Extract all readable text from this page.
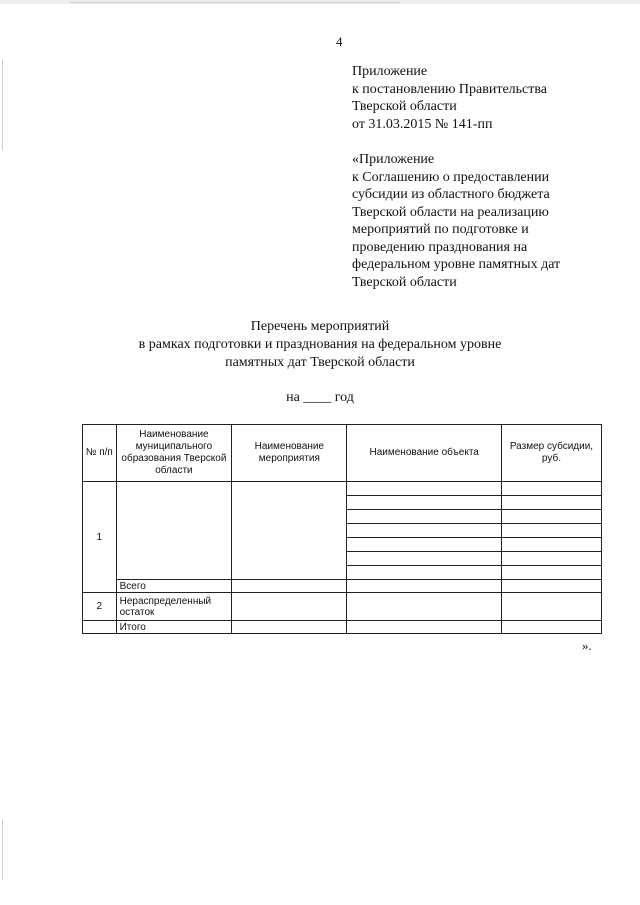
4
Приложение
к постановлению Правительства
Тверской области
от 31.03.2015 № 141-пп
«Приложение
к Соглашению о предоставлении
субсидии из областного бюджета
Тверской области на реализацию
мероприятий по подготовке и
проведению празднования на
федеральном уровне памятных дат
Тверской области
Перечень мероприятий
в рамках подготовки и празднования на федеральном уровне
памятных дат Тверской области
на ____ год
№ п/п	Наименование муниципального образования Тверской области	Наименование мероприятия	Наименование объекта	Размер субсидии, руб.
1				

	Всего			
2	Нераспределенный остаток			
	Итого			
».
